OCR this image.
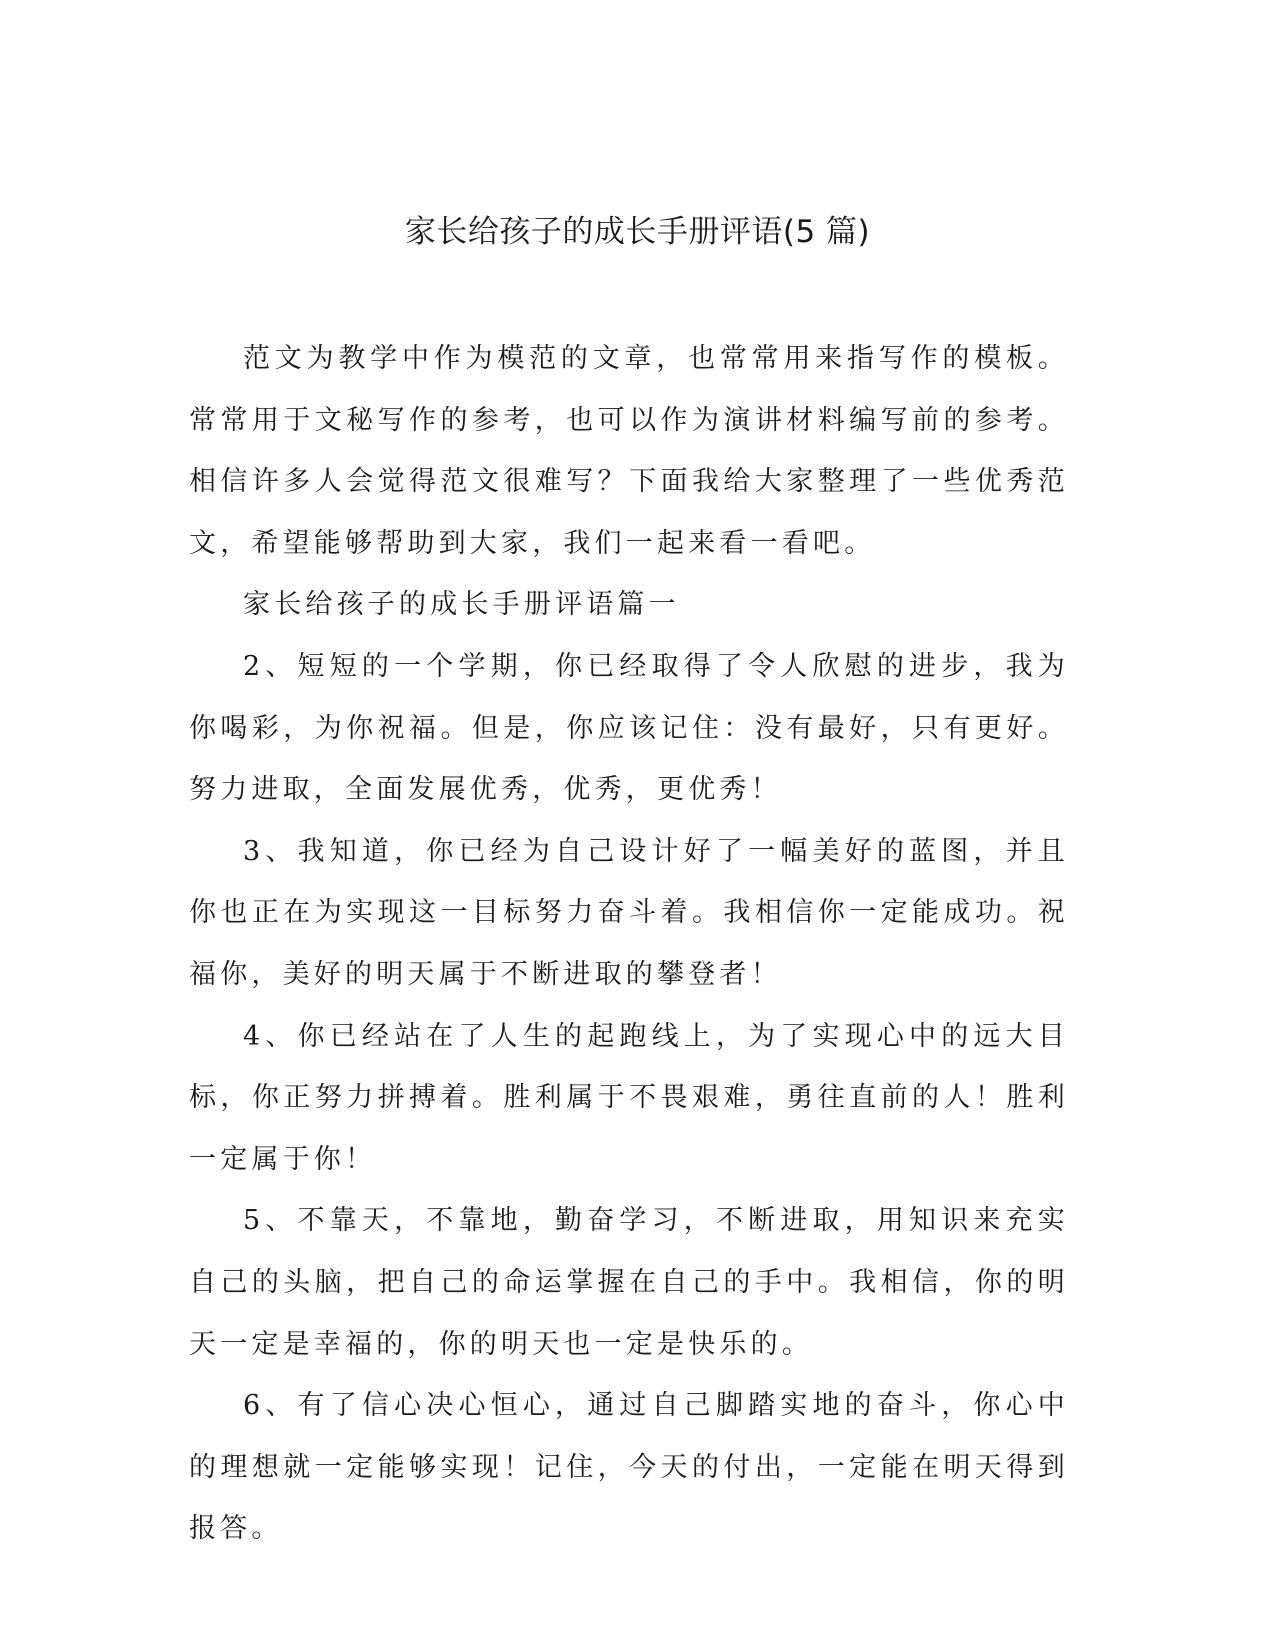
家长给孩子的成长手册评语(5 篇)

范文为教学中作为模范的文章，也常常用来指写作的模板。常常用于文秘写作的参考，也可以作为演讲材料编写前的参考。相信许多人会觉得范文很难写？下面我给大家整理了一些优秀范文，希望能够帮助到大家，我们一起来看一看吧。

家长给孩子的成长手册评语篇一

2、短短的一个学期，你已经取得了令人欣慰的进步，我为你喝彩，为你祝福。但是，你应该记住：没有最好，只有更好。努力进取，全面发展优秀，优秀，更优秀！

3、我知道，你已经为自己设计好了一幅美好的蓝图，并且你也正在为实现这一目标努力奋斗着。我相信你一定能成功。祝福你，美好的明天属于不断进取的攀登者！

4、你已经站在了人生的起跑线上，为了实现心中的远大目标，你正努力拼搏着。胜利属于不畏艰难，勇往直前的人！胜利一定属于你！

5、不靠天，不靠地，勤奋学习，不断进取，用知识来充实自己的头脑，把自己的命运掌握在自己的手中。我相信，你的明天一定是幸福的，你的明天也一定是快乐的。

6、有了信心决心恒心，通过自己脚踏实地的奋斗，你心中的理想就一定能够实现！记住，今天的付出，一定能在明天得到报答。
